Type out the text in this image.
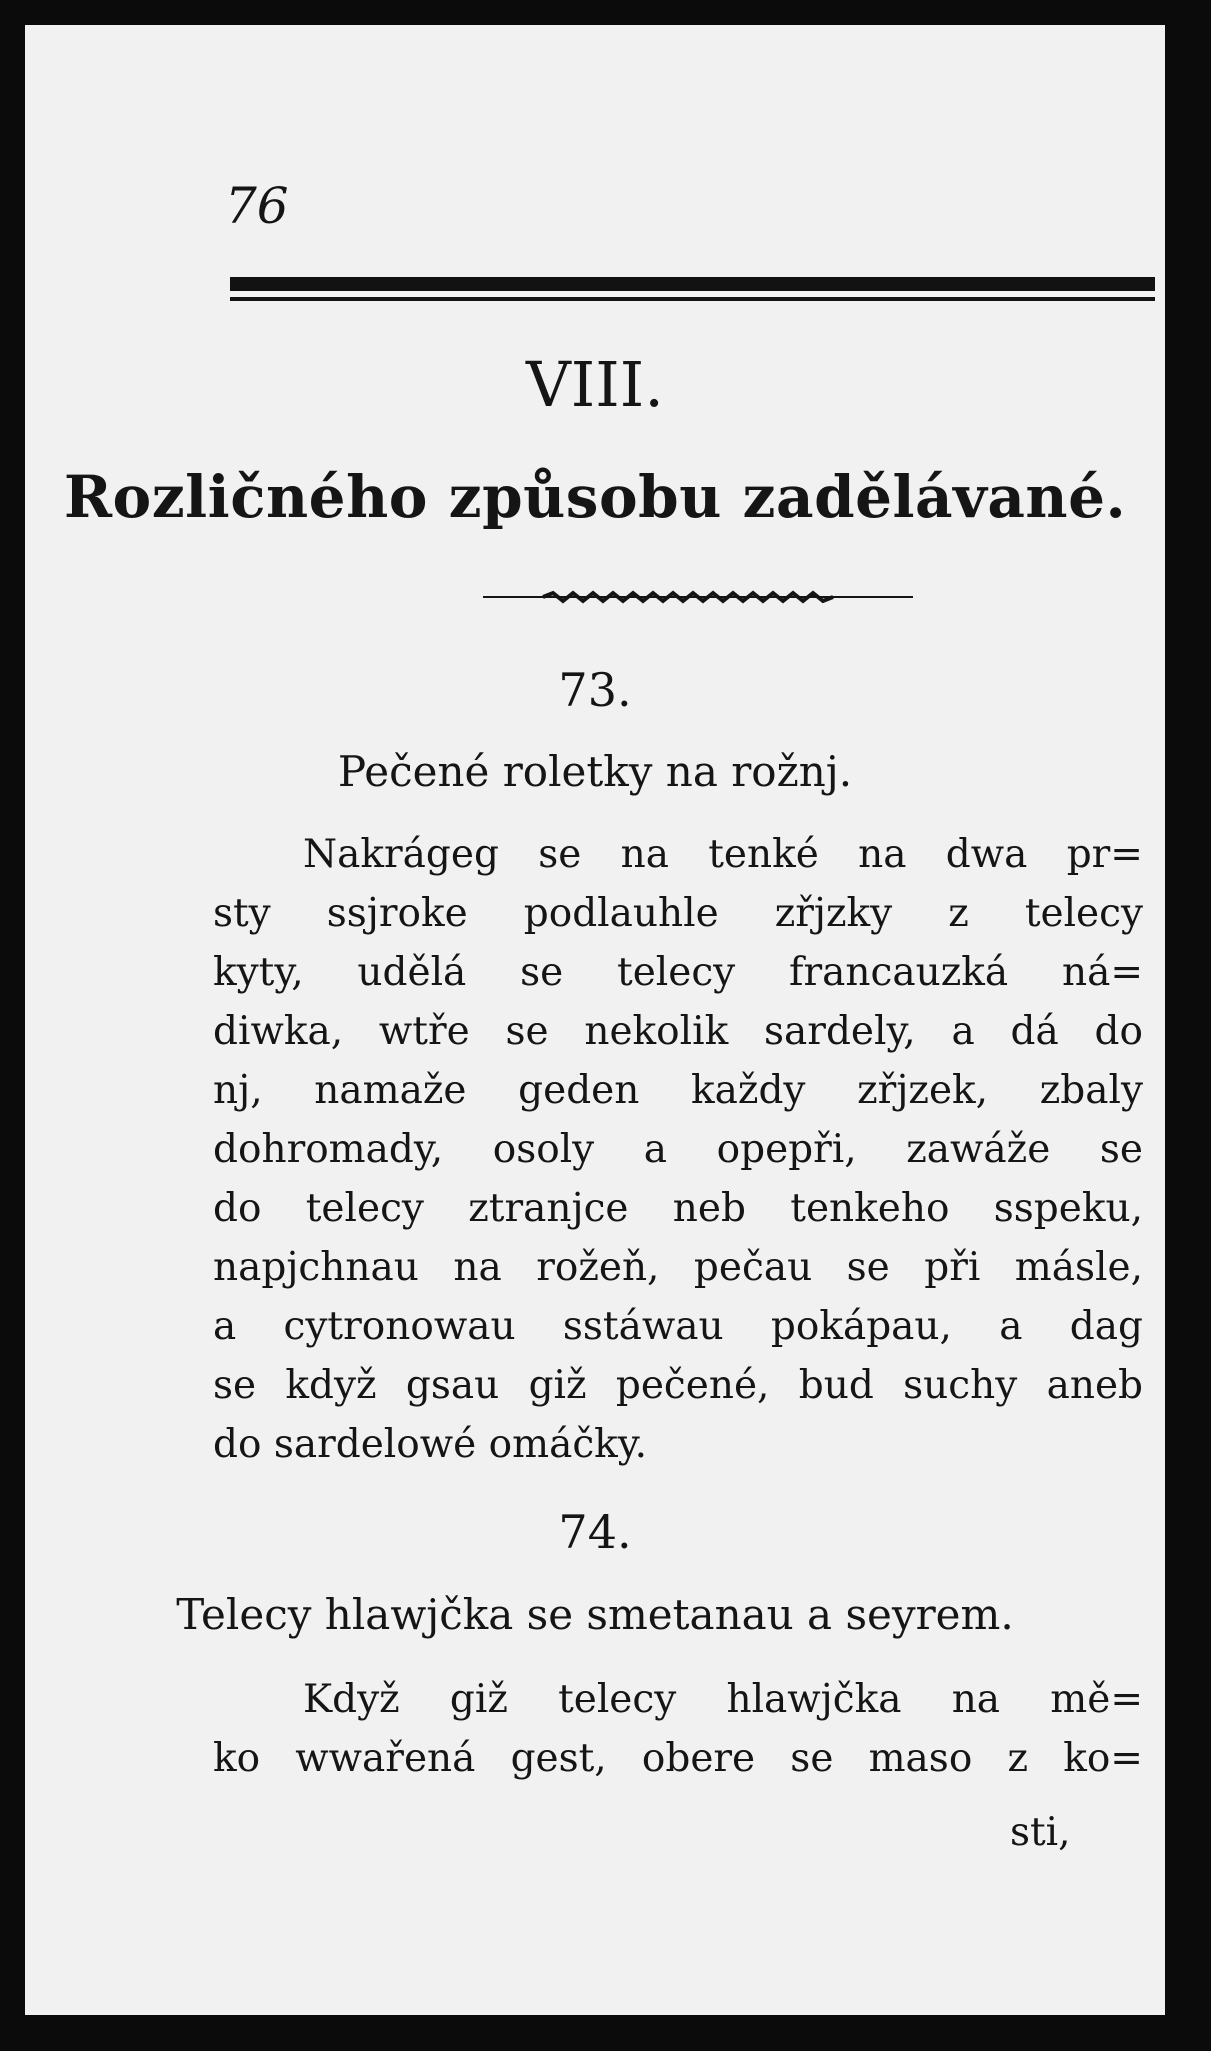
76
VIII.
Rozličného způsobu zadělávané.
73.
Pečené roletky na rožnj.

Nakrágeg se na tenké na dwa pr=
sty ssjroke podlauhle zřjzky z telecy
kyty, udělá se telecy francauzká ná=
diwka, wtře se nekolik sardely, a dá do
nj, namaže geden každy zřjzek, zbaly
dohromady, osoly a opepři, zawáže se
do telecy ztranjce neb tenkeho sspeku,
napjchnau na rožeň, pečau se při másle,
a cytronowau sstáwau pokápau, a dag
se když gsau giž pečené, bud suchy aneb
do sardelowé omáčky.

74.
Telecy hlawjčka se smetanau a seyrem.

Když giž telecy hlawjčka na mě=
ko wwařená gest, obere se maso z ko=

sti,
